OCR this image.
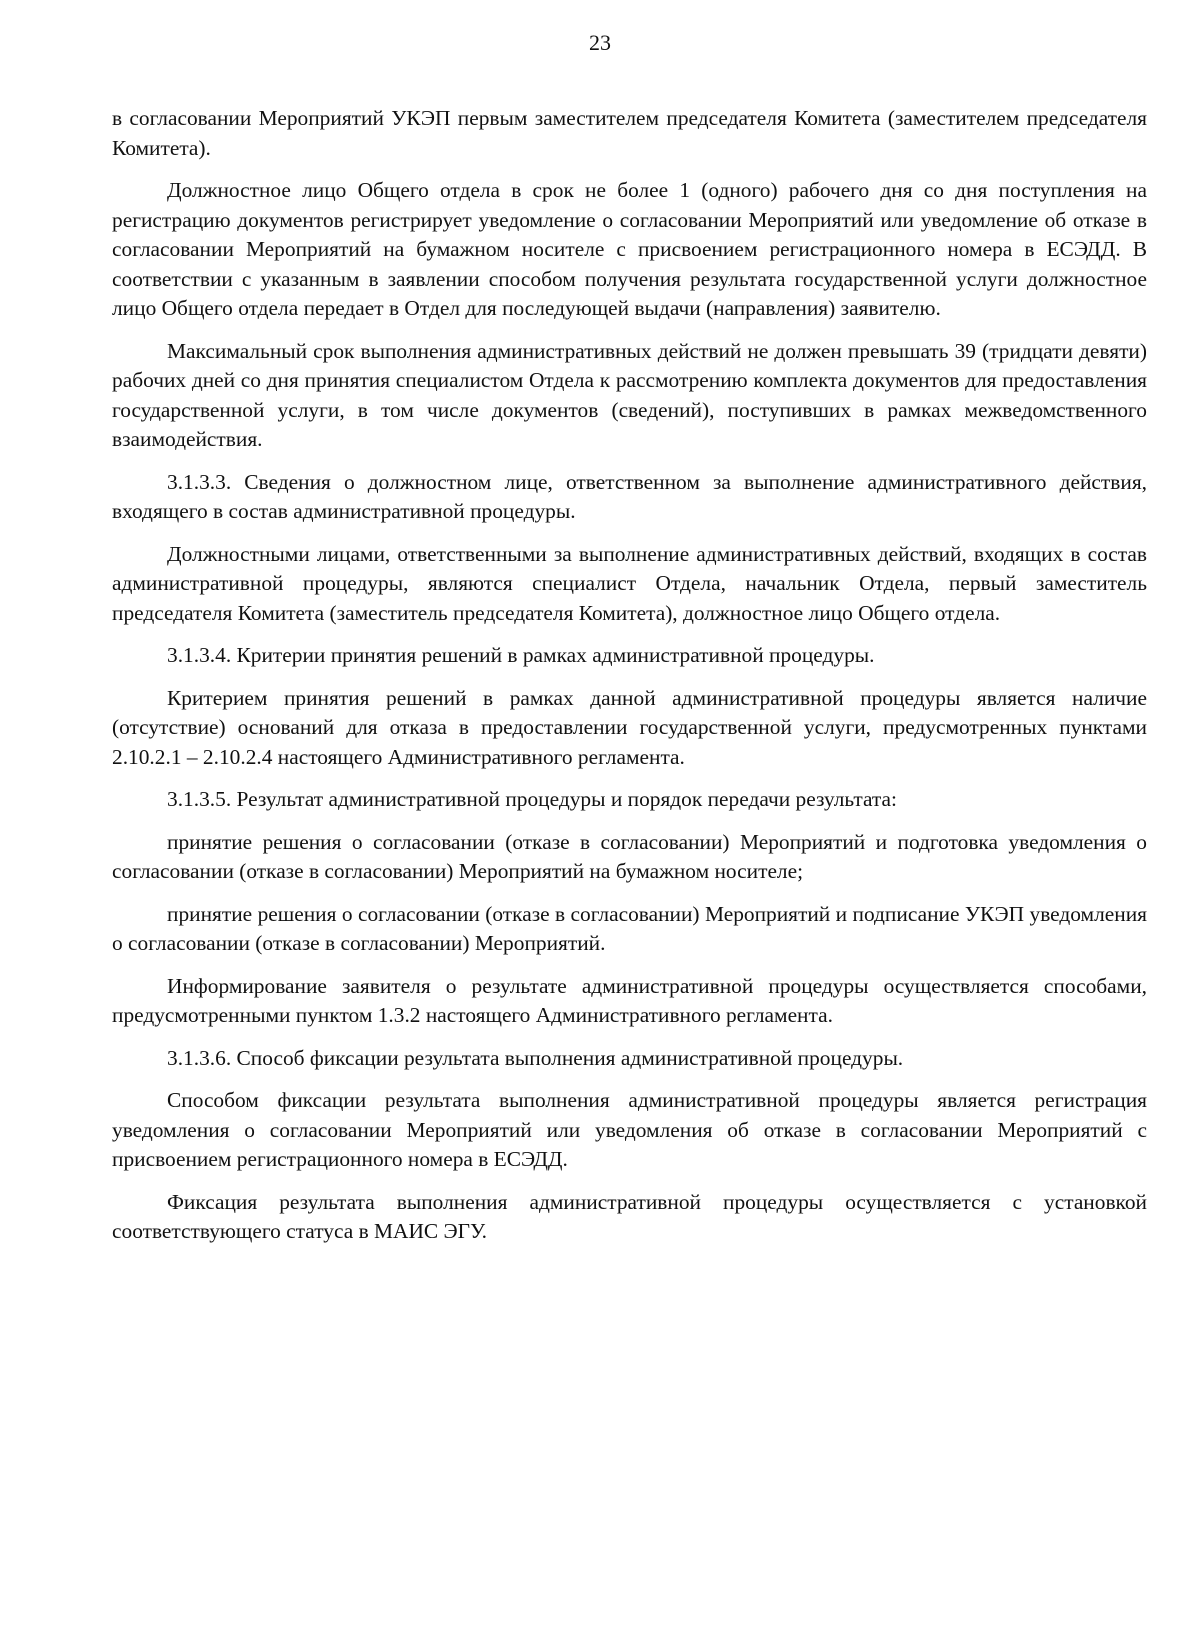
23

в согласовании Мероприятий УКЭП первым заместителем председателя Комитета (заместителем председателя Комитета).

Должностное лицо Общего отдела в срок не более 1 (одного) рабочего дня со дня поступления на регистрацию документов регистрирует уведомление о согласовании Мероприятий или уведомление об отказе в согласовании Мероприятий на бумажном носителе с присвоением регистрационного номера в ЕСЭДД. В соответствии с указанным в заявлении способом получения результата государственной услуги должностное лицо Общего отдела передает в Отдел для последующей выдачи (направления) заявителю.

Максимальный срок выполнения административных действий не должен превышать 39 (тридцати девяти) рабочих дней со дня принятия специалистом Отдела к рассмотрению комплекта документов для предоставления государственной услуги, в том числе документов (сведений), поступивших в рамках межведомственного взаимодействия.

3.1.3.3. Сведения о должностном лице, ответственном за выполнение административного действия, входящего в состав административной процедуры.

Должностными лицами, ответственными за выполнение административных действий, входящих в состав административной процедуры, являются специалист Отдела, начальник Отдела, первый заместитель председателя Комитета (заместитель председателя Комитета), должностное лицо Общего отдела.

3.1.3.4. Критерии принятия решений в рамках административной процедуры.

Критерием принятия решений в рамках данной административной процедуры является наличие (отсутствие) оснований для отказа в предоставлении государственной услуги, предусмотренных пунктами 2.10.2.1 – 2.10.2.4 настоящего Административного регламента.

3.1.3.5. Результат административной процедуры и порядок передачи результата:

принятие решения о согласовании (отказе в согласовании) Мероприятий и подготовка уведомления о согласовании (отказе в согласовании) Мероприятий на бумажном носителе;

принятие решения о согласовании (отказе в согласовании) Мероприятий и подписание УКЭП уведомления о согласовании (отказе в согласовании) Мероприятий.

Информирование заявителя о результате административной процедуры осуществляется способами, предусмотренными пунктом 1.3.2 настоящего Административного регламента.

3.1.3.6. Способ фиксации результата выполнения административной процедуры.

Способом фиксации результата выполнения административной процедуры является регистрация уведомления о согласовании Мероприятий или уведомления об отказе в согласовании Мероприятий с присвоением регистрационного номера в ЕСЭДД.

Фиксация результата выполнения административной процедуры осуществляется с установкой соответствующего статуса в МАИС ЭГУ.
